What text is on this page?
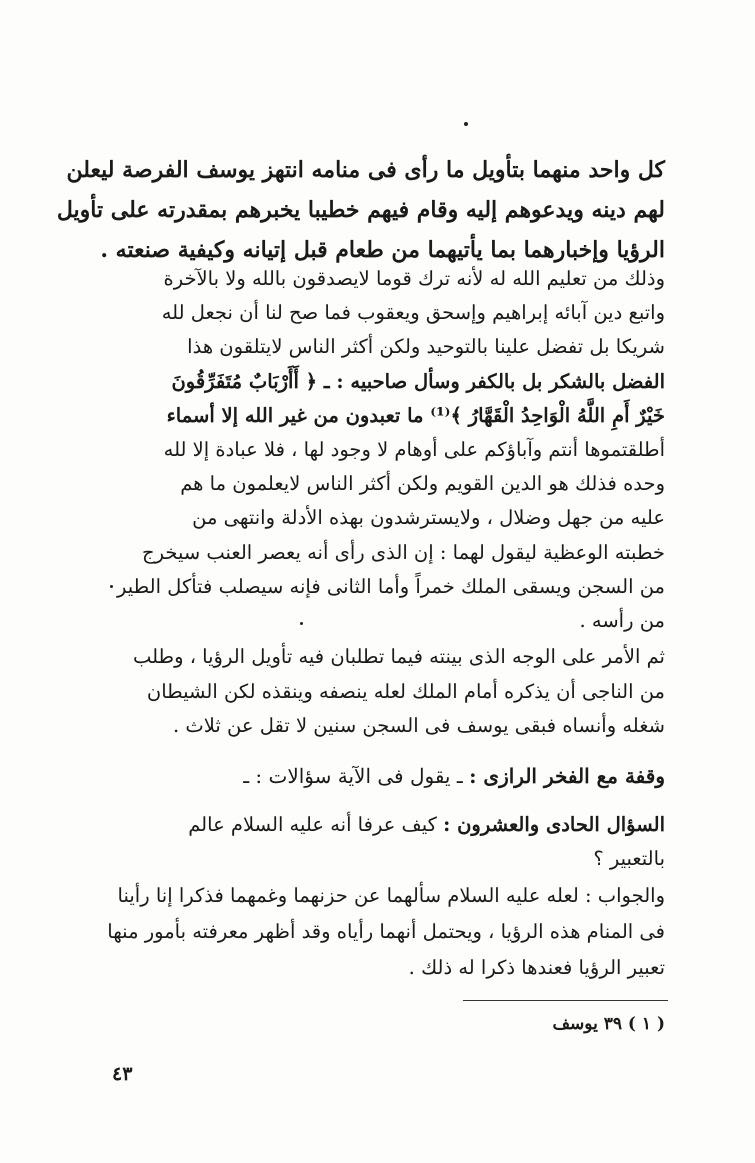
كل واحد منهما بتأويل ما رأى فى منامه انتهز يوسف الفرصة ليعلن
لهم دينه ويدعوهم إليه وقام فيهم خطيبا يخبرهم بمقدرته على تأويل
الرؤيا وإخبارهما بما يأتيهما من طعام قبل إتيانه وكيفية صنعته .
وذلك من تعليم الله له لأنه ترك قوما لايصدقون بالله ولا بالآخرة
واتبع دين آبائه إبراهيم وإسحق ويعقوب فما صح لنا أن نجعل لله
شريكا بل تفضل علينا بالتوحيد ولكن أكثر الناس لايتلقون هذا
الفضل بالشكر بل بالكفر وسأل صاحبيه : ـ ﴿ أَأَرْبَابٌ مُتَفَرِّقُونَ
خَيْرٌ أَمِ اللَّهُ الْوَاحِدُ الْقَهَّارُ ﴾⁽¹⁾ ما تعبدون من غير الله إلا أسماء
أطلقتموها أنتم وآباؤكم على أوهام لا وجود لها ، فلا عبادة إلا لله
وحده فذلك هو الدين القويم ولكن أكثر الناس لايعلمون ما هم
عليه من جهل وضلال ، ولايسترشدون بهذه الأدلة وانتهى من
خطبته الوعظية ليقول لهما : إن الذى رأى أنه يعصر العنب سيخرج
من السجن ويسقى الملك خمراً وأما الثانى فإنه سيصلب فتأكل الطير
من رأسه .
ثم الأمر على الوجه الذى بينته فيما تطلبان فيه تأويل الرؤيا ، وطلب
من الناجى أن يذكره أمام الملك لعله ينصفه وينقذه لكن الشيطان
شغله وأنساه فبقى يوسف فى السجن سنين لا تقل عن ثلاث .
وقفة مع الفخر الرازى : ـ يقول فى الآية سؤالات : ـ
السؤال الحادى والعشرون : كيف عرفا أنه عليه السلام عالم
بالتعبير ؟
والجواب : لعله عليه السلام سألهما عن حزنهما وغمهما فذكرا إنا رأينا
فى المنام هذه الرؤيا ، ويحتمل أنهما رأياه وقد أظهر معرفته بأمور منها
تعبير الرؤيا فعندها ذكرا له ذلك .
( ١ ) ٣٩ يوسف
٤٣
